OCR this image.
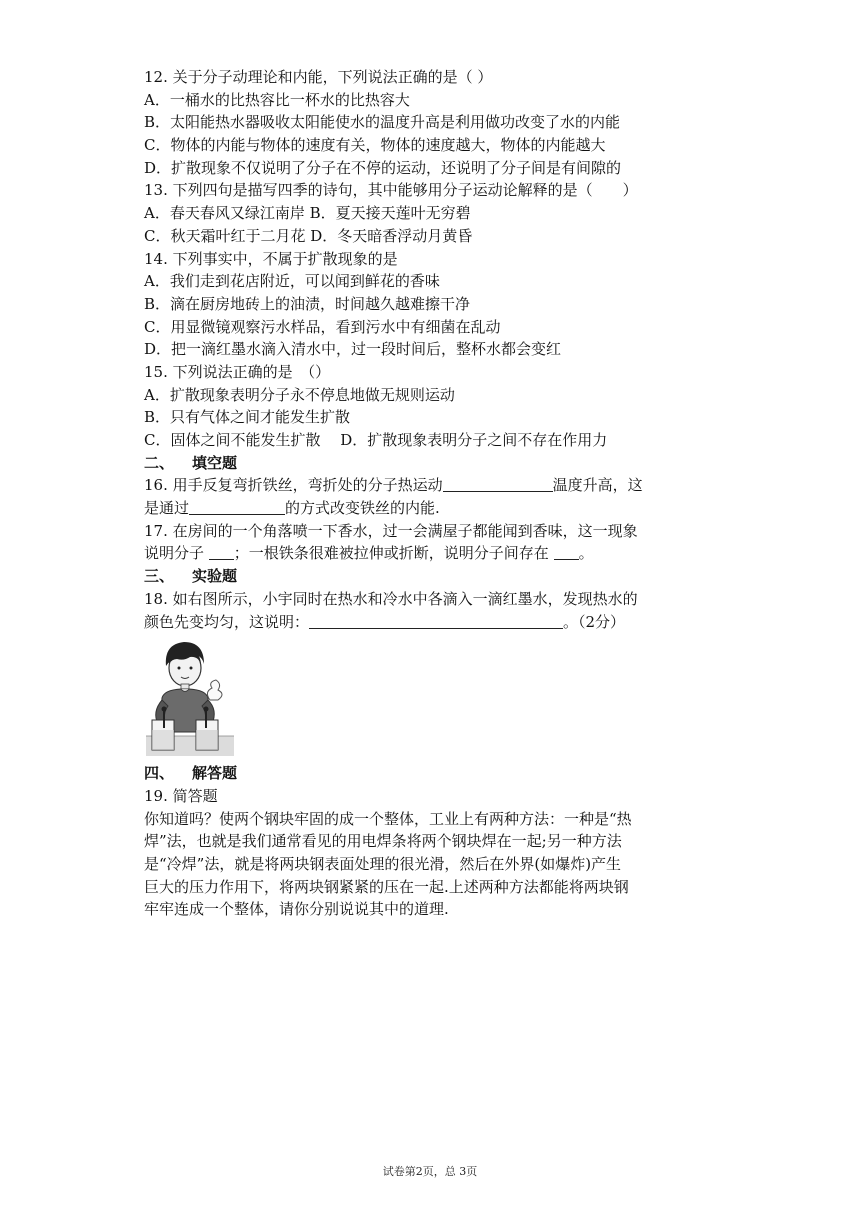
12. 关于分子动理论和内能，下列说法正确的是（ ）
A．一桶水的比热容比一杯水的比热容大
B．太阳能热水器吸收太阳能使水的温度升高是利用做功改变了水的内能
C．物体的内能与物体的速度有关，物体的速度越大，物体的内能越大
D．扩散现象不仅说明了分子在不停的运动，还说明了分子间是有间隙的
13. 下列四句是描写四季的诗句，其中能够用分子运动论解释的是（　　）
A．春天春风又绿江南岸 B．夏天接天莲叶无穷碧
C．秋天霜叶红于二月花 D．冬天暗香浮动月黄昏
14. 下列事实中，不属于扩散现象的是
A．我们走到花店附近，可以闻到鲜花的香味
B．滴在厨房地砖上的油渍，时间越久越难擦干净
C．用显微镜观察污水样品，看到污水中有细菌在乱动
D．把一滴红墨水滴入清水中，过一段时间后，整杯水都会变红
15. 下列说法正确的是　（）
A．扩散现象表明分子永不停息地做无规则运动
B．只有气体之间才能发生扩散
C．固体之间不能发生扩散　 D．扩散现象表明分子之间不存在作用力
二、 填空题
16. 用手反复弯折铁丝，弯折处的分子热运动	温度升高，这
是通过	的方式改变铁丝的内能.
17. 在房间的一个角落喷一下香水，过一会满屋子都能闻到香味，这一现象
说明分子 ；一根铁条很难被拉伸或折断，说明分子间存在 。
三、 实验题
18. 如右图所示，小宇同时在热水和冷水中各滴入一滴红墨水，发现热水的
颜色先变均匀，这说明：	。（2分）
四、 解答题
19. 简答题
你知道吗？使两个钢块牢固的成一个整体，工业上有两种方法：一种是“热
焊”法，也就是我们通常看见的用电焊条将两个钢块焊在一起;另一种方法
是“冷焊”法，就是将两块钢表面处理的很光滑，然后在外界(如爆炸)产生
巨大的压力作用下，将两块钢紧紧的压在一起.上述两种方法都能将两块钢
牢牢连成一个整体，请你分别说说其中的道理.
试卷第2页，总 3页
